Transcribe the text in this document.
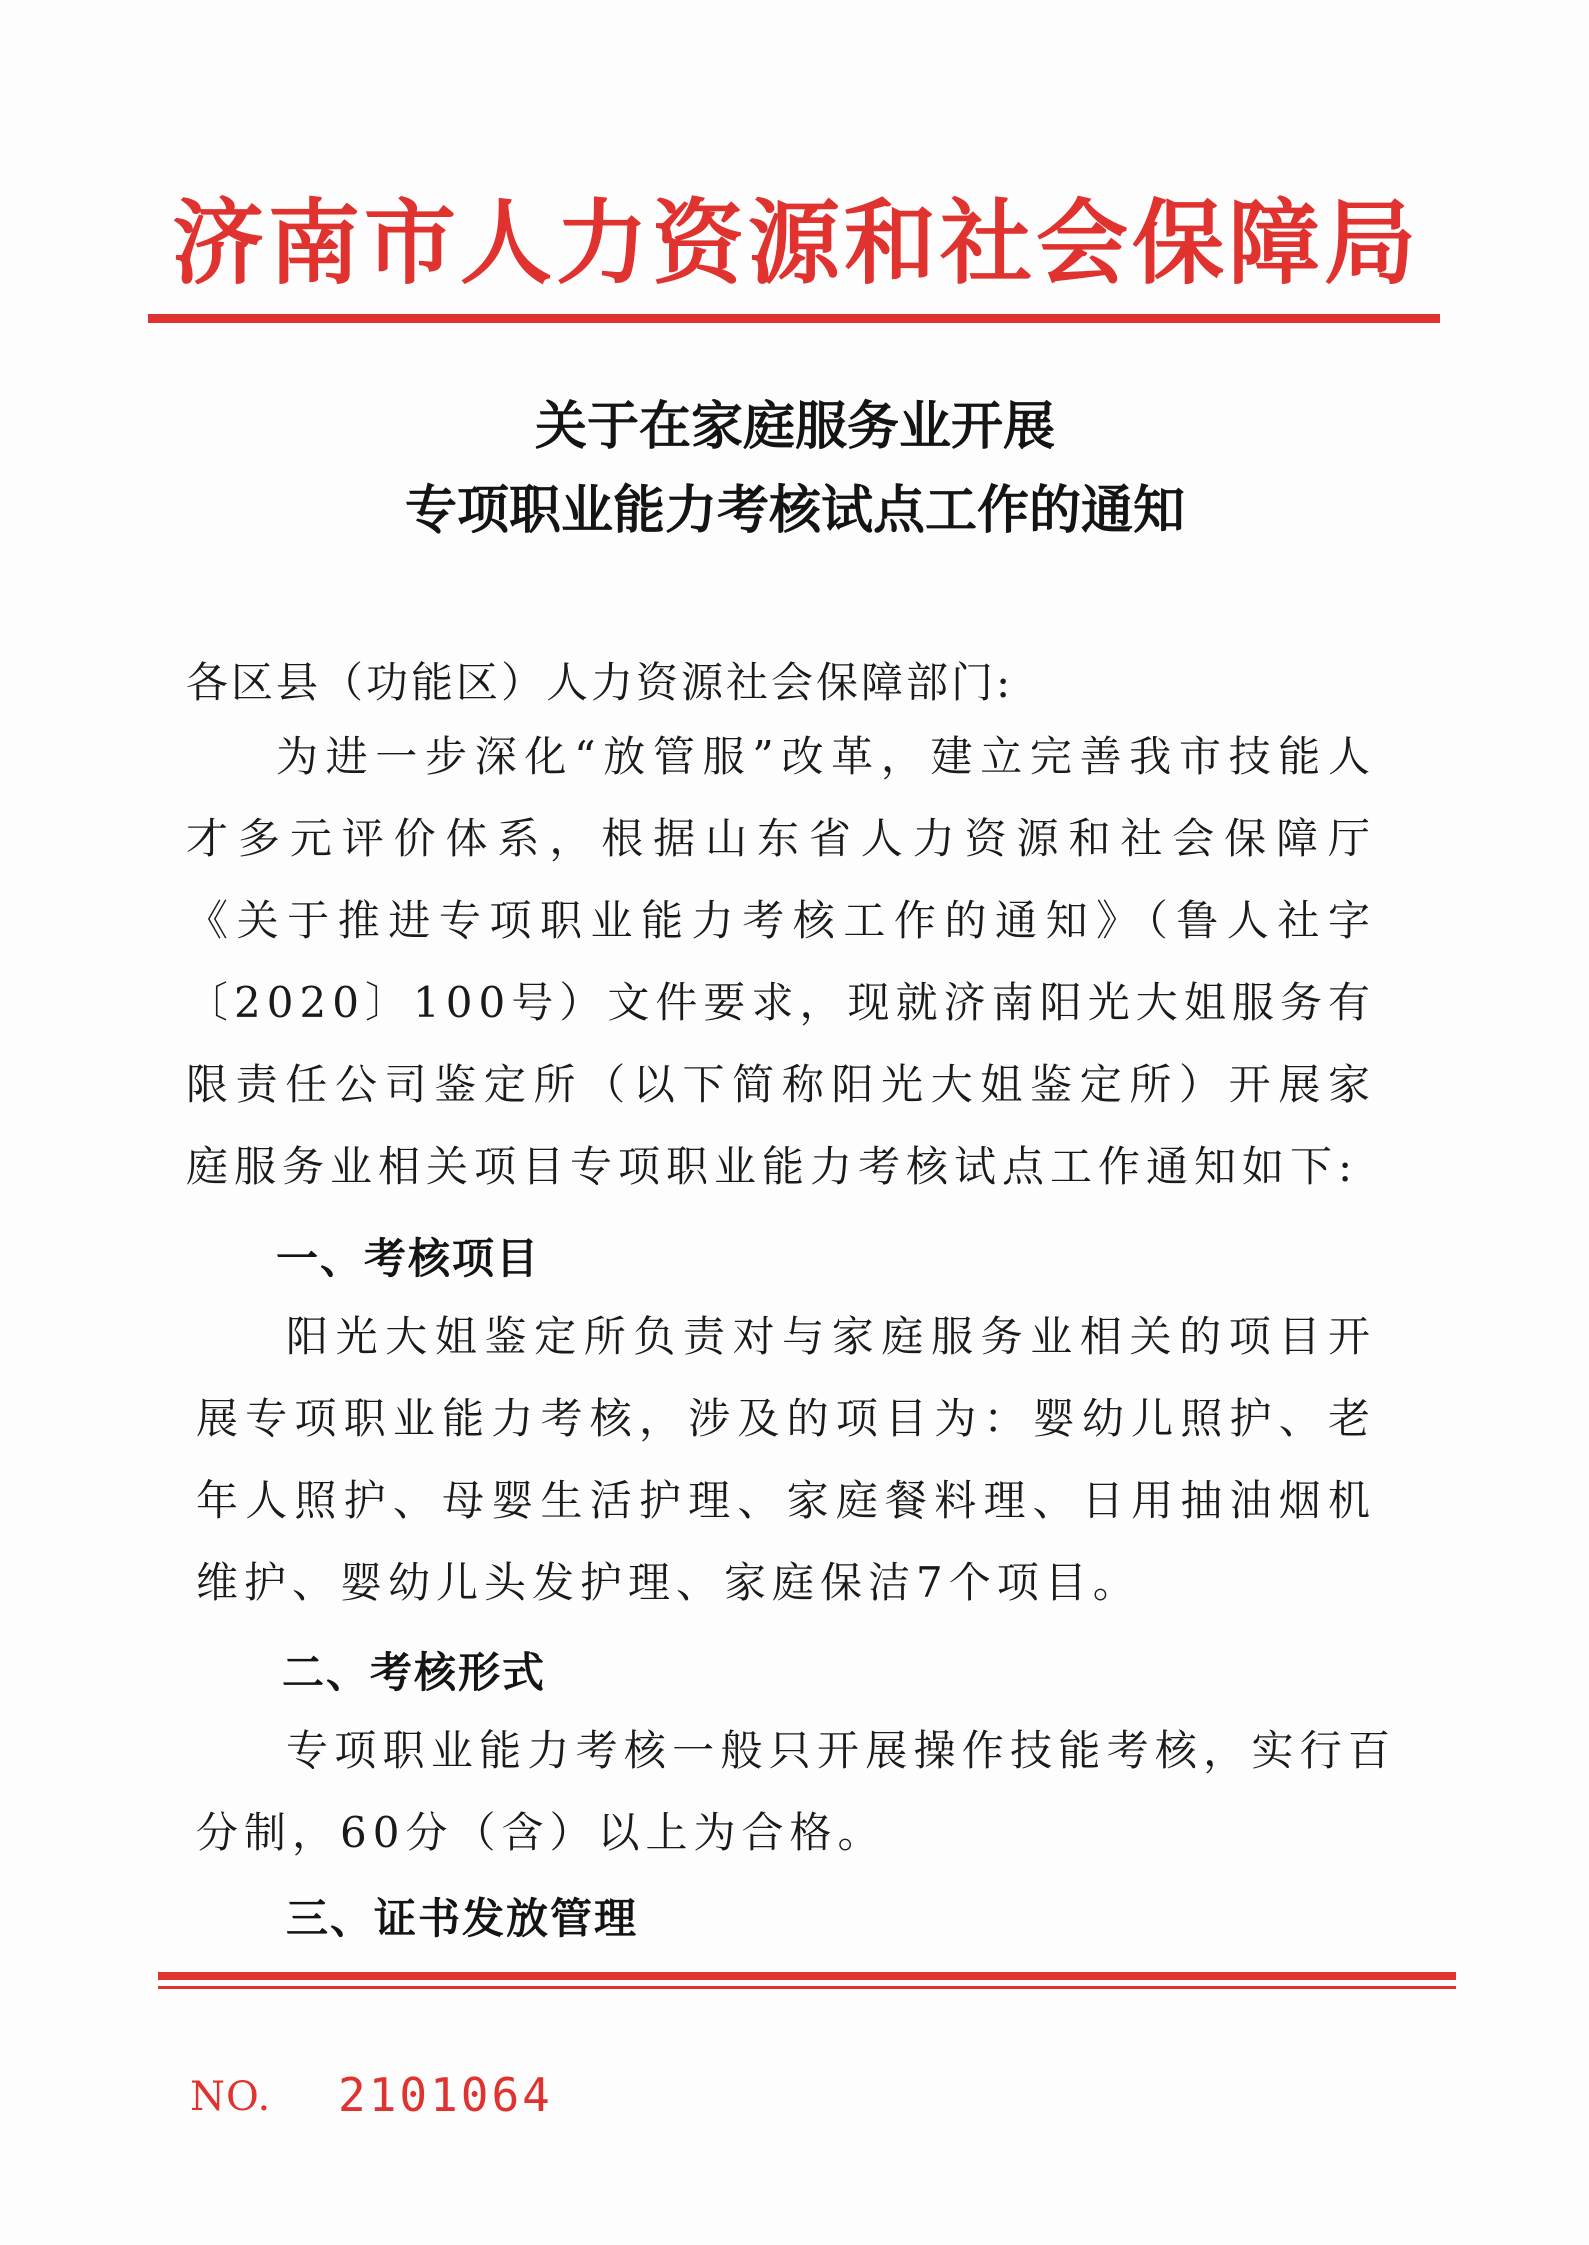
济南市人力资源和社会保障局
关于在家庭服务业开展
专项职业能力考核试点工作的通知
各区县（功能区）人力资源社会保障部门:
为进一步深化“放管服”改革，建立完善我市技能人才多元评价体系，根据山东省人力资源和社会保障厅《关于推进专项职业能力考核工作的通知》（鲁人社字〔2020〕100号）文件要求，现就济南阳光大姐服务有限责任公司鉴定所（以下简称阳光大姐鉴定所）开展家庭服务业相关项目专项职业能力考核试点工作通知如下:
一、考核项目
阳光大姐鉴定所负责对与家庭服务业相关的项目开展专项职业能力考核，涉及的项目为：婴幼儿照护、老年人照护、母婴生活护理、家庭餐料理、日用抽油烟机维护、婴幼儿头发护理、家庭保洁7个项目。
二、考核形式
专项职业能力考核一般只开展操作技能考核，实行百分制，60分（含）以上为合格。
三、证书发放管理
NO. 2101064
